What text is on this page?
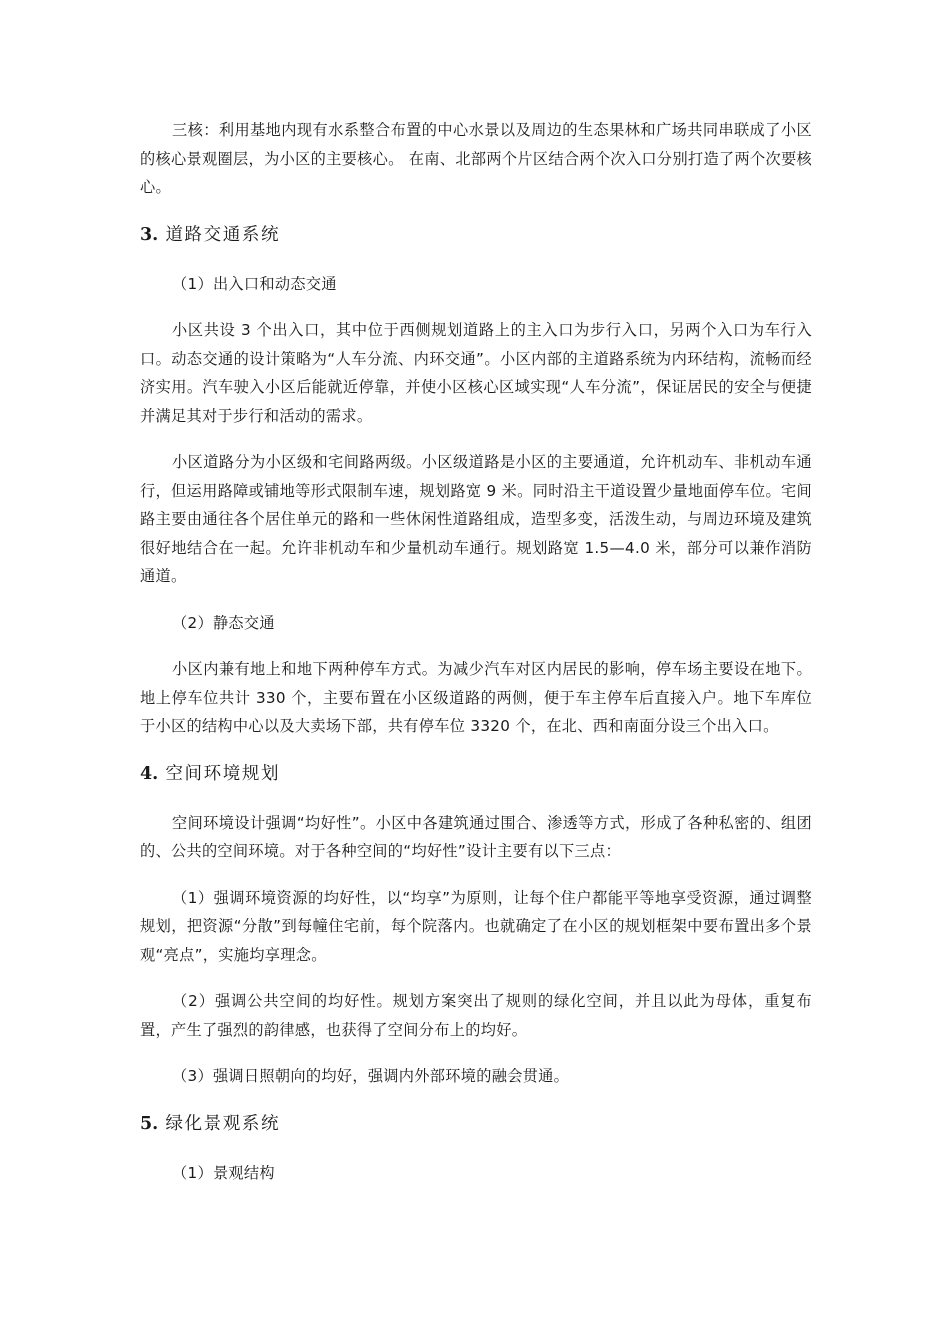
三核：利用基地内现有水系整合布置的中心水景以及周边的生态果林和广场共同串联成了小区的核心景观圈层，为小区的主要核心。 在南、北部两个片区结合两个次入口分别打造了两个次要核心。

3. 道路交通系统

（1）出入口和动态交通

小区共设 3 个出入口，其中位于西侧规划道路上的主入口为步行入口，另两个入口为车行入口。动态交通的设计策略为“人车分流、内环交通”。小区内部的主道路系统为内环结构，流畅而经济实用。汽车驶入小区后能就近停靠，并使小区核心区域实现“人车分流”，保证居民的安全与便捷并满足其对于步行和活动的需求。

小区道路分为小区级和宅间路两级。小区级道路是小区的主要通道，允许机动车、非机动车通行，但运用路障或铺地等形式限制车速，规划路宽 9 米。同时沿主干道设置少量地面停车位。宅间路主要由通往各个居住单元的路和一些休闲性道路组成，造型多变，活泼生动，与周边环境及建筑很好地结合在一起。允许非机动车和少量机动车通行。规划路宽 1.5—4.0 米，部分可以兼作消防通道。

（2）静态交通

小区内兼有地上和地下两种停车方式。为减少汽车对区内居民的影响，停车场主要设在地下。地上停车位共计 330 个，主要布置在小区级道路的两侧，便于车主停车后直接入户。地下车库位于小区的结构中心以及大卖场下部，共有停车位 3320 个，在北、西和南面分设三个出入口。

4. 空间环境规划

空间环境设计强调“均好性”。小区中各建筑通过围合、渗透等方式，形成了各种私密的、组团的、公共的空间环境。对于各种空间的“均好性”设计主要有以下三点：

（1）强调环境资源的均好性，以“均享”为原则，让每个住户都能平等地享受资源，通过调整规划，把资源“分散”到每幢住宅前，每个院落内。也就确定了在小区的规划框架中要布置出多个景观“亮点”，实施均享理念。

（2）强调公共空间的均好性。规划方案突出了规则的绿化空间，并且以此为母体，重复布置，产生了强烈的韵律感，也获得了空间分布上的均好。

（3）强调日照朝向的均好，强调内外部环境的融会贯通。

5. 绿化景观系统

（1）景观结构
